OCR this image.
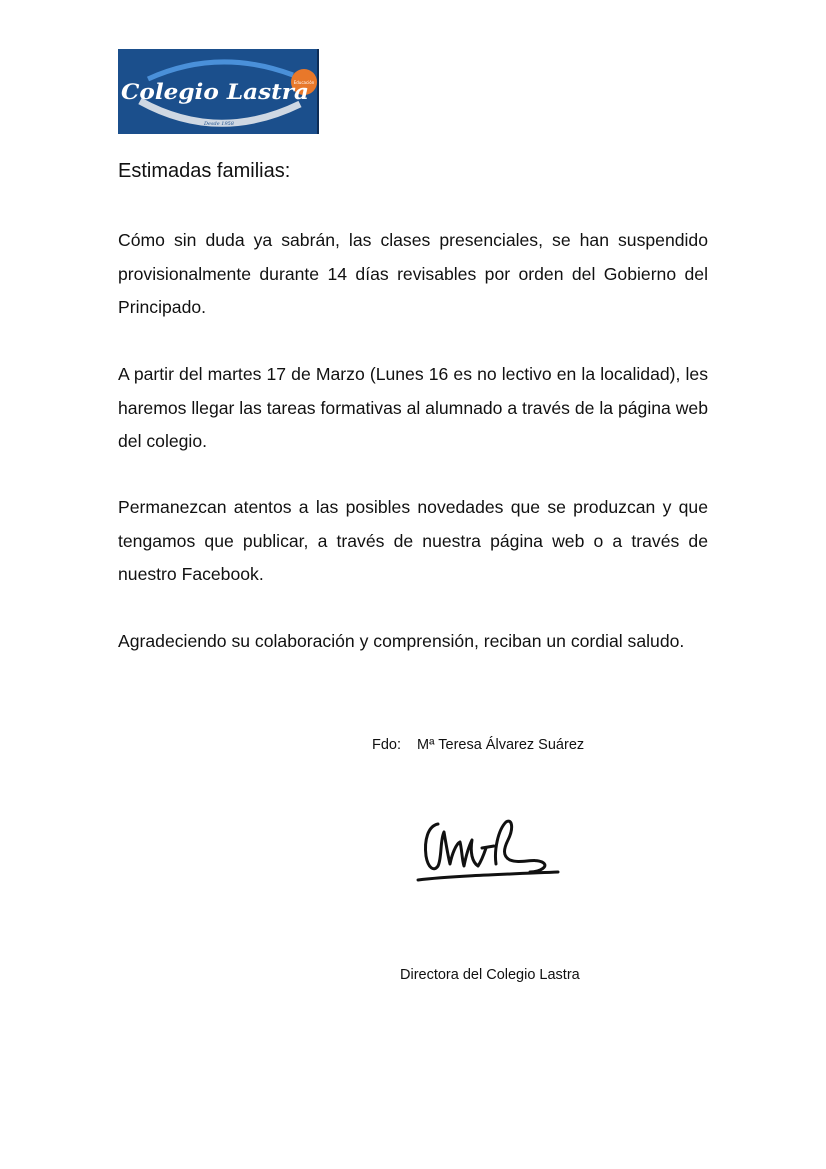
Educación
Colegio Lastra
Desde 1958
Estimadas familias:

Cómo sin duda ya sabrán, las clases presenciales, se han suspendido provisionalmente durante 14 días revisables por orden del Gobierno del Principado.

A partir del martes 17 de Marzo (Lunes 16 es no lectivo en la localidad), les haremos llegar las tareas formativas al alumnado a través de la página web del colegio.

Permanezcan atentos a las posibles novedades que se produzcan y que tengamos que publicar, a través de nuestra página web o a través de nuestro Facebook.

Agradeciendo su colaboración y comprensión, reciban un cordial saludo.

Fdo: Mª Teresa Álvarez Suárez
Directora del Colegio Lastra
